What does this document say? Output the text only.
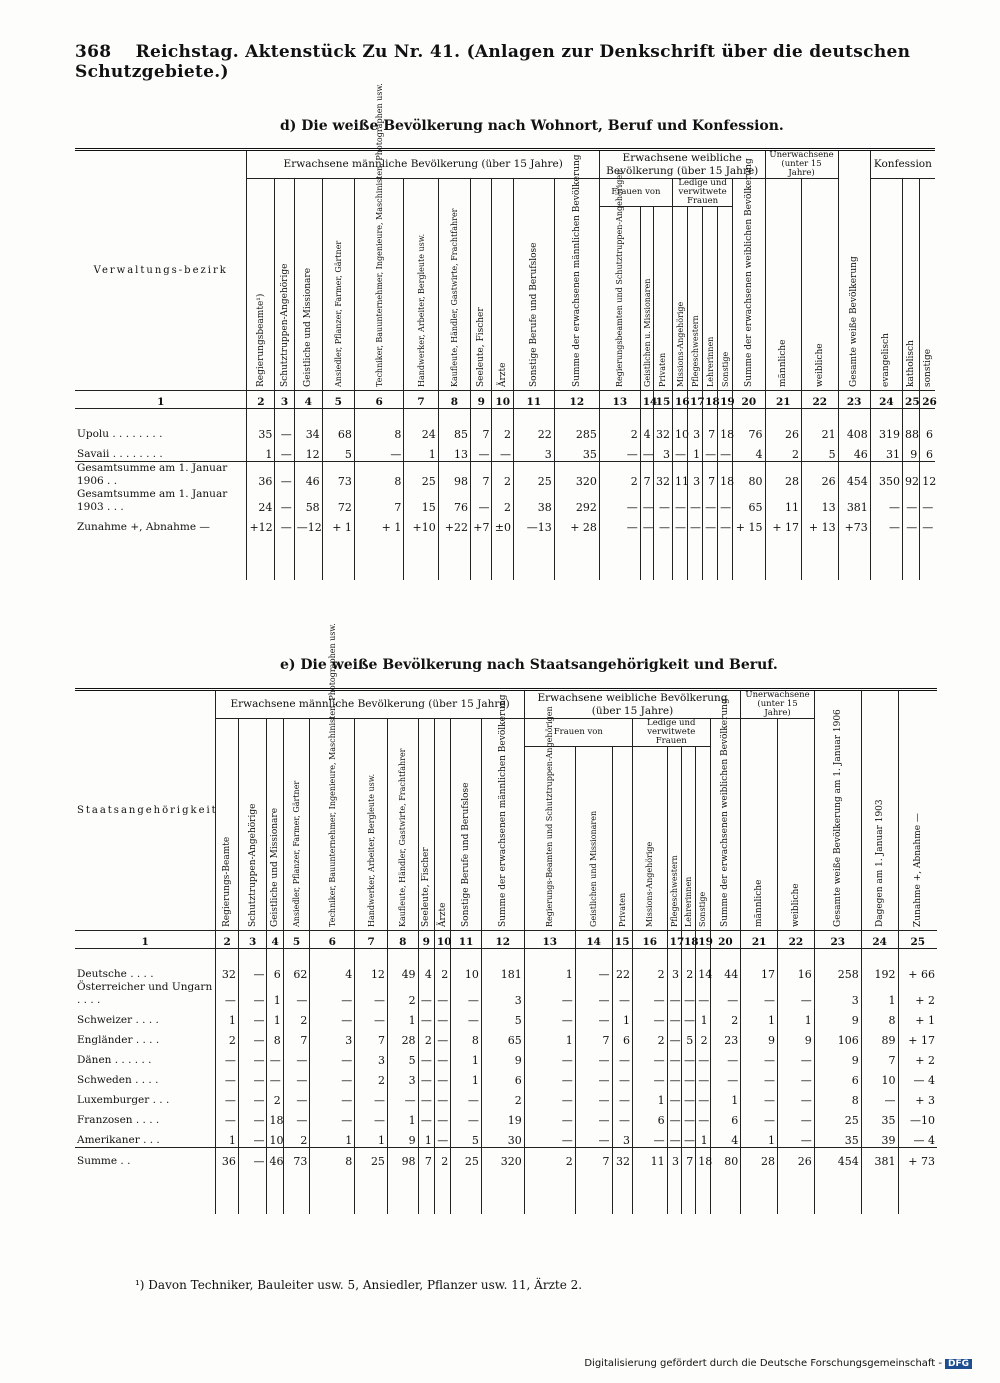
368 Reichstag. Aktenstück Zu Nr. 41. (Anlagen zur Denkschrift über die deutschen Schutzgebiete.)
d) Die weiße Bevölkerung nach Wohnort, Beruf und Konfession.
Verwaltungs-bezirk	Erwachsene männliche Bevölkerung (über 15 Jahre)											Erwachsene weibliche Bevölkerung (über 15 Jahre)								Unerwachsene (unter 15 Jahre)		Gesamte weiße Bevölkerung	Konfession		
	Regierungsbeamte¹)	Schutztruppen-Angehörige	Geistliche und Missionare	Ansiedler, Pflanzer, Farmer, Gärtner	Techniker, Bauunternehmer, Ingenieure, Maschinisten, Photographen usw.	Handwerker, Arbeiter, Bergleute usw.	Kaufleute, Händler, Gastwirte, Frachtfahrer	Seeleute, Fischer	Ärzte	Sonstige Berufe und Berufslose	Summe der erwachsenen männlichen Bevölkerung	Frauen von			Ledige und verwitwete Frauen				Summe der erwachsenen weiblichen Bevölkerung	männliche	weibliche		evangelisch	katholisch	sonstige
												Regierungsbeamten und Schutztruppen-Angehörigen	Geistlichen u. Missionaren	Privaten	Missions-Angehörige	Pflegeschwestern	Lehrerinnen	Sonstige							
1	2	3	4	5	6	7	8	9	10	11	12	13	14	15	16	17	18	19	20	21	22	23	24	25	26

Upolu . . . . . . . .	35	—	34	68	8	24	85	7	2	22	285	2	4	32	10	3	7	18	76	26	21	408	319	88	6
Savaii . . . . . . . .	1	—	12	5	—	1	13	—	—	3	35	—	—	3	—	1	—	—	4	2	5	46	31	9	6
Gesamtsumme am 1. Januar 1906 . .	36	—	46	73	8	25	98	7	2	25	320	2	7	32	11	3	7	18	80	28	26	454	350	92	12
Gesamtsumme am 1. Januar 1903 . . .	24	—	58	72	7	15	76	—	2	38	292	—	—	—	—	—	—	—	65	11	13	381	—	—	—
Zunahme +, Abnahme —	+12	—	—12	+ 1	+ 1	+10	+22	+7	±0	—13	+ 28	—	—	—	—	—	—	—	+ 15	+ 17	+ 13	+73	—	—	—

e) Die weiße Bevölkerung nach Staatsangehörigkeit und Beruf.
Staatsangehörigkeit	Erwachsene männliche Bevölkerung (über 15 Jahre)											Erwachsene weibliche Bevölkerung (über 15 Jahre)								Unerwachsene (unter 15 Jahre)		Gesamte weiße Bevölkerung am 1. Januar 1906	Dagegen am 1. Januar 1903	Zunahme +, Abnahme —
	Regierungs-Beamte	Schutztruppen-Angehörige	Geistliche und Missionare	Ansiedler, Pflanzer, Farmer, Gärtner	Techniker, Bauunternehmer, Ingenieure, Maschinisten, Photographen usw.	Handwerker, Arbeiter, Bergleute usw.	Kaufleute, Händler, Gastwirte, Frachtfahrer	Seeleute, Fischer	Ärzte	Sonstige Berufe und Berufslose	Summe der erwachsenen männlichen Bevölkerung	Frauen von			Ledige und verwitwete Frauen				Summe der erwachsenen weiblichen Bevölkerung	männliche	weibliche			
												Regierungs-Beamten und Schutztruppen-Angehörigen	Geistlichen und Missionaren	Privaten	Missions-Angehörige	Pflegeschwestern	Lehrerinnen	Sonstige						
1	2	3	4	5	6	7	8	9	10	11	12	13	14	15	16	17	18	19	20	21	22	23	24	25

Deutsche . . . .	32	—	6	62	4	12	49	4	2	10	181	1	—	22	2	3	2	14	44	17	16	258	192	+ 66
Österreicher und Ungarn . . . .	—	—	1	—	—	—	2	—	—	—	3	—	—	—	—	—	—	—	—	—	—	3	1	+ 2
Schweizer . . . .	1	—	1	2	—	—	1	—	—	—	5	—	—	1	—	—	—	1	2	1	1	9	8	+ 1
Engländer . . . .	2	—	8	7	3	7	28	2	—	8	65	1	7	6	2	—	5	2	23	9	9	106	89	+ 17
Dänen . . . . . .	—	—	—	—	—	3	5	—	—	1	9	—	—	—	—	—	—	—	—	—	—	9	7	+ 2
Schweden . . . .	—	—	—	—	—	2	3	—	—	1	6	—	—	—	—	—	—	—	—	—	—	6	10	— 4
Luxemburger . . .	—	—	2	—	—	—	—	—	—	—	2	—	—	—	1	—	—	—	1	—	—	8	—	+ 3
Franzosen . . . .	—	—	18	—	—	—	1	—	—	—	19	—	—	—	6	—	—	—	6	—	—	25	35	—10
Amerikaner . . .	1	—	10	2	1	1	9	1	—	5	30	—	—	3	—	—	—	1	4	1	—	35	39	— 4
Summe . .	36	—	46	73	8	25	98	7	2	25	320	2	7	32	11	3	7	18	80	28	26	454	381	+ 73

¹) Davon Techniker, Bauleiter usw. 5, Ansiedler, Pflanzer usw. 11, Ärzte 2.
Digitalisierung gefördert durch die Deutsche Forschungsgemeinschaft - DFG
